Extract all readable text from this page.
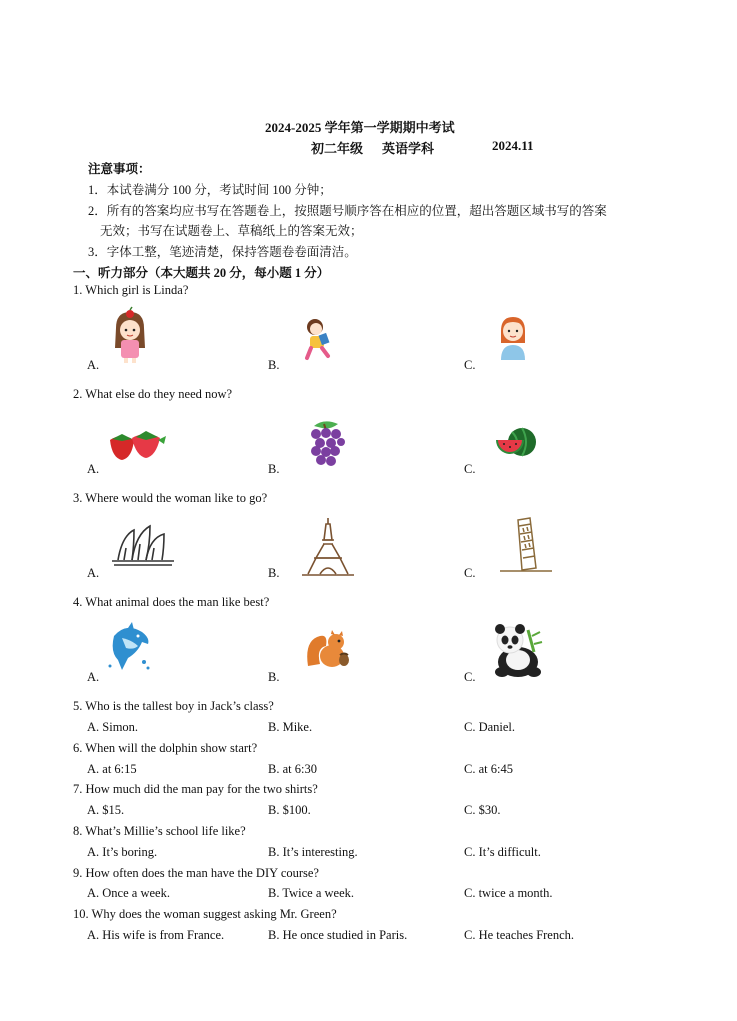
2024-2025 学年第一学期期中考试
初二年级 英语学科	2024.11
注意事项：
1．本试卷满分 100 分，考试时间 100 分钟；
2．所有的答案均应书写在答题卷上，按照题号顺序答在相应的位置，超出答题区域书写的答案
无效；书写在试题卷上、草稿纸上的答案无效；
3．字体工整，笔迹清楚，保持答题卷卷面清洁。
一、听力部分（本大题共 20 分，每小题 1 分）
1. Which girl is Linda?
A.	B.	C.
2. What else do they need now?
A.	B.	C.
3. Where would the woman like to go?
A.	B.	C.
4. What animal does the man like best?
A.	B.	C.
5. Who is the tallest boy in Jack’s class?
A. Simon.	B. Mike.	C. Daniel.
6. When will the dolphin show start?
A. at 6:15	B. at 6:30	C. at 6:45
7. How much did the man pay for the two shirts?
A. $15.	B. $100.	C. $30.
8. What’s Millie’s school life like?
A. It’s boring.	B. It’s interesting.	C. It’s difficult.
9. How often does the man have the DIY course?
A. Once a week.	B. Twice a week.	C. twice a month.
10. Why does the woman suggest asking Mr. Green?
A. His wife is from France.	B. He once studied in Paris.	C. He teaches French.
